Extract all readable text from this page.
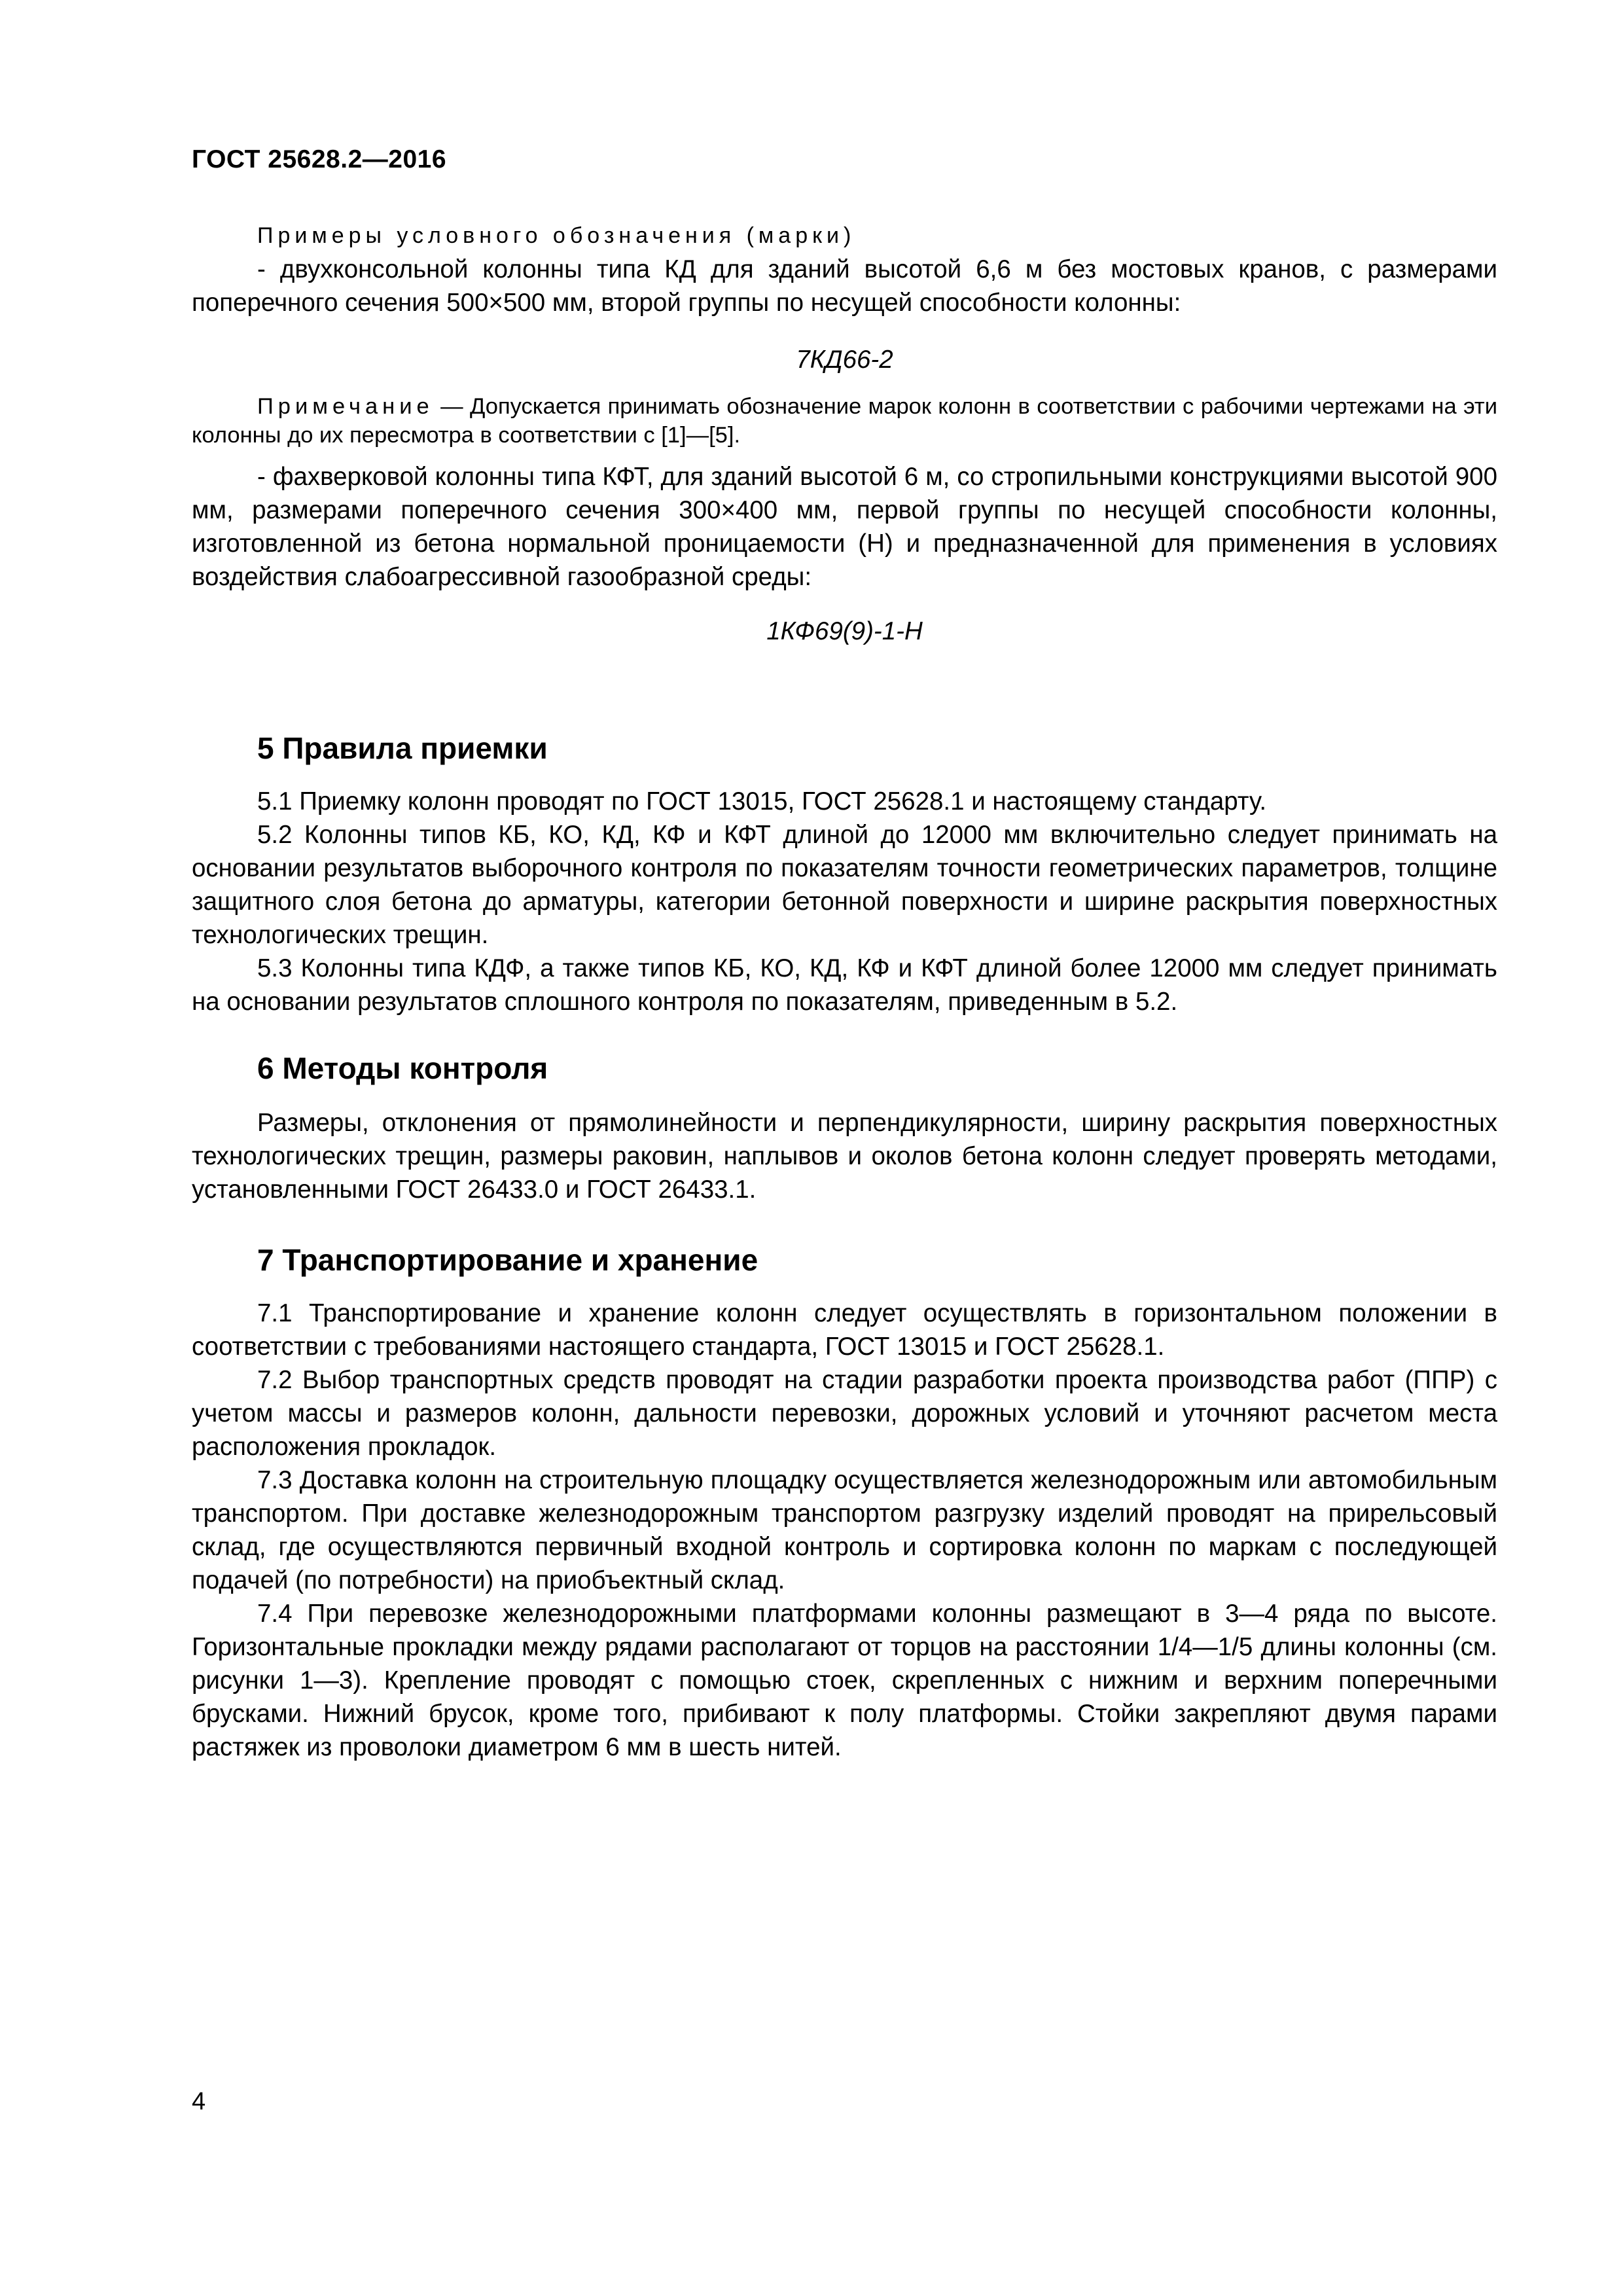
ГОСТ 25628.2—2016

Примеры условного обозначения (марки)

- двухконсольной колонны типа КД для зданий высотой 6,6 м без мостовых кранов, с размерами поперечного сечения 500×500 мм, второй группы по несущей способности колонны:

7КД66-2

Примечание — Допускается принимать обозначение марок колонн в соответствии с рабочими чертежами на эти колонны до их пересмотра в соответствии с [1]—[5].

- фахверковой колонны типа КФТ, для зданий высотой 6 м, со стропильными конструкциями высотой 900 мм, размерами поперечного сечения 300×400 мм, первой группы по несущей способности колонны, изготовленной из бетона нормальной проницаемости (Н) и предназначенной для применения в условиях воздействия слабоагрессивной газообразной среды:

1КФ69(9)-1-Н

5 Правила приемки

5.1 Приемку колонн проводят по ГОСТ 13015, ГОСТ 25628.1 и настоящему стандарту.

5.2 Колонны типов КБ, КО, КД, КФ и КФТ длиной до 12000 мм включительно следует принимать на основании результатов выборочного контроля по показателям точности геометрических параметров, толщине защитного слоя бетона до арматуры, категории бетонной поверхности и ширине раскрытия поверхностных технологических трещин.

5.3 Колонны типа КДФ, а также типов КБ, КО, КД, КФ и КФТ длиной более 12000 мм следует принимать на основании результатов сплошного контроля по показателям, приведенным в 5.2.

6 Методы контроля

Размеры, отклонения от прямолинейности и перпендикулярности, ширину раскрытия поверхностных технологических трещин, размеры раковин, наплывов и околов бетона колонн следует проверять методами, установленными ГОСТ 26433.0 и ГОСТ 26433.1.

7 Транспортирование и хранение

7.1 Транспортирование и хранение колонн следует осуществлять в горизонтальном положении в соответствии с требованиями настоящего стандарта, ГОСТ 13015 и ГОСТ 25628.1.

7.2 Выбор транспортных средств проводят на стадии разработки проекта производства работ (ППР) с учетом массы и размеров колонн, дальности перевозки, дорожных условий и уточняют расчетом места расположения прокладок.

7.3 Доставка колонн на строительную площадку осуществляется железнодорожным или автомобильным транспортом. При доставке железнодорожным транспортом разгрузку изделий проводят на прирельсовый склад, где осуществляются первичный входной контроль и сортировка колонн по маркам с последующей подачей (по потребности) на приобъектный склад.

7.4 При перевозке железнодорожными платформами колонны размещают в 3—4 ряда по высоте. Горизонтальные прокладки между рядами располагают от торцов на расстоянии 1/4—1/5 длины колонны (см. рисунки 1—3). Крепление проводят с помощью стоек, скрепленных с нижним и верхним поперечными брусками. Нижний брусок, кроме того, прибивают к полу платформы. Стойки закрепляют двумя парами растяжек из проволоки диаметром 6 мм в шесть нитей.

4
